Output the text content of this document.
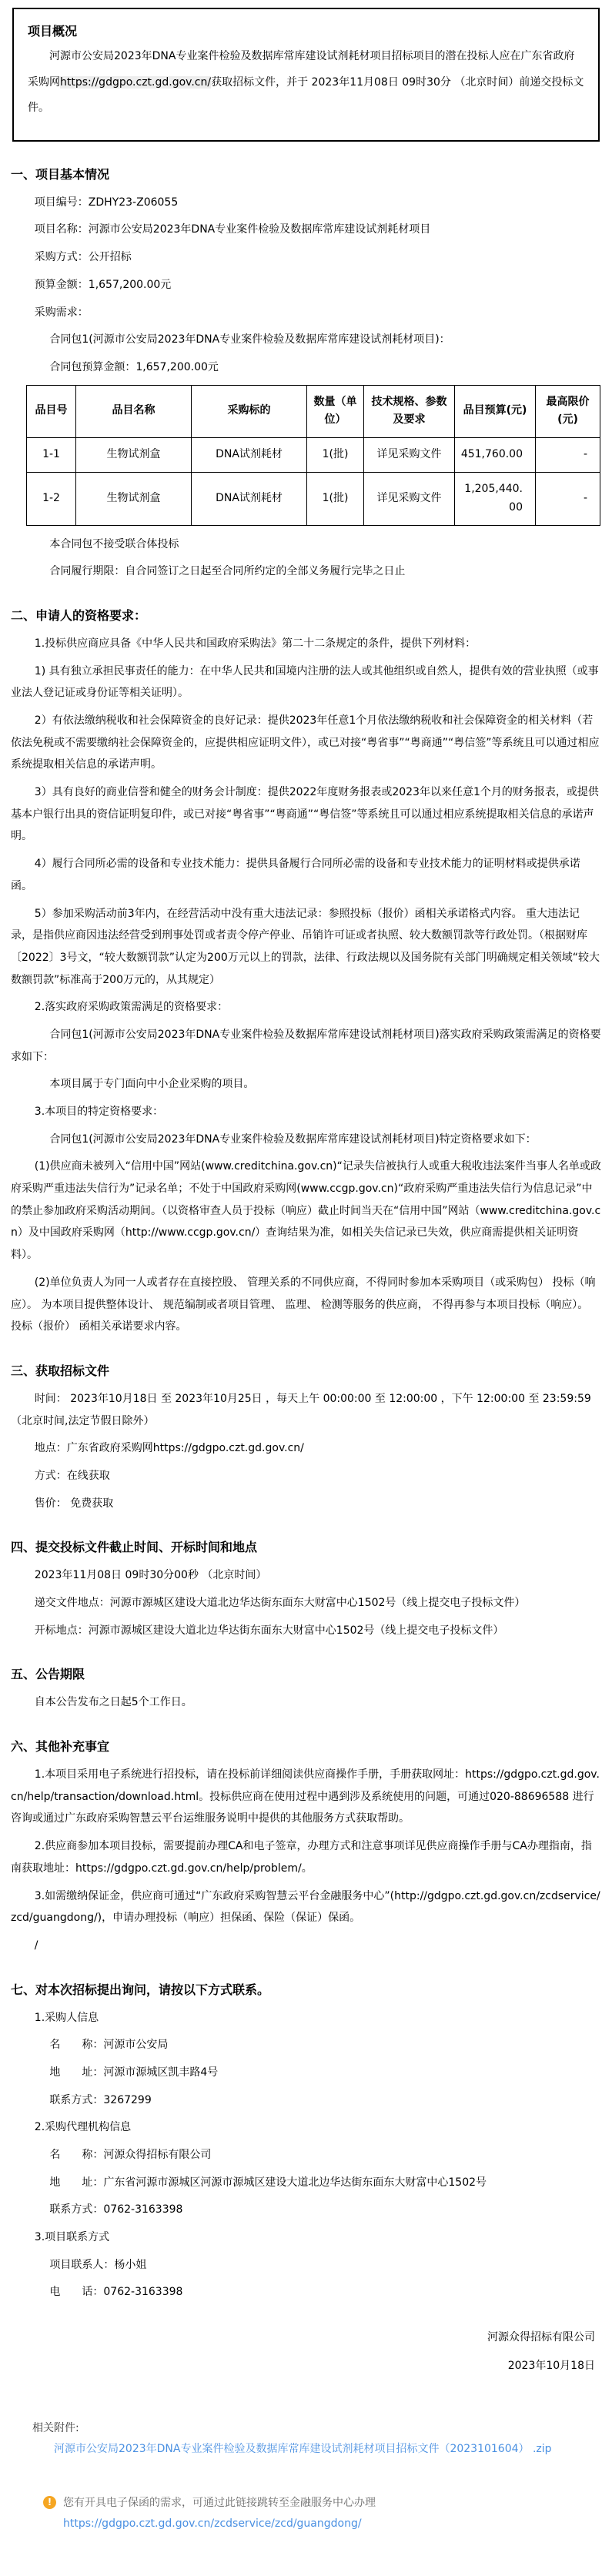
项目概况

河源市公安局2023年DNA专业案件检验及数据库常库建设试剂耗材项目招标项目的潜在投标人应在广东省政府采购网https://gdgpo.czt.gd.gov.cn/获取招标文件，并于 2023年11月08日 09时30分 （北京时间）前递交投标文件。

一、项目基本情况

项目编号：ZDHY23-Z06055

项目名称：河源市公安局2023年DNA专业案件检验及数据库常库建设试剂耗材项目

采购方式：公开招标

预算金额：1,657,200.00元

采购需求：

合同包1(河源市公安局2023年DNA专业案件检验及数据库常库建设试剂耗材项目)：

合同包预算金额：1,657,200.00元

品目号	品目名称	采购标的	数量（单位）	技术规格、参数及要求	品目预算(元)	最高限价(元)
1-1	生物试剂盒	DNA试剂耗材	1(批)	详见采购文件	451,760.00	-
1-2	生物试剂盒	DNA试剂耗材	1(批)	详见采购文件	1,205,440.00	-

本合同包不接受联合体投标

合同履行期限：自合同签订之日起至合同所约定的全部义务履行完毕之日止

二、申请人的资格要求：

1.投标供应商应具备《中华人民共和国政府采购法》第二十二条规定的条件，提供下列材料：

1) 具有独立承担民事责任的能力：在中华人民共和国境内注册的法人或其他组织或自然人，提供有效的营业执照（或事业法人登记证或身份证等相关证明）。

2）有依法缴纳税收和社会保障资金的良好记录：提供2023年任意1个月依法缴纳税收和社会保障资金的相关材料（若依法免税或不需要缴纳社会保障资金的，应提供相应证明文件），或已对接“粤省事”“粤商通”“粤信签”等系统且可以通过相应系统提取相关信息的承诺声明。

3）具有良好的商业信誉和健全的财务会计制度：提供2022年度财务报表或2023年以来任意1个月的财务报表，或提供基本户银行出具的资信证明复印件，或已对接“粤省事”“粤商通”“粤信签”等系统且可以通过相应系统提取相关信息的承诺声明。

4）履行合同所必需的设备和专业技术能力：提供具备履行合同所必需的设备和专业技术能力的证明材料或提供承诺函。

5）参加采购活动前3年内，在经营活动中没有重大违法记录：参照投标（报价）函相关承诺格式内容。 重大违法记录，是指供应商因违法经营受到刑事处罚或者责令停产停业、吊销许可证或者执照、较大数额罚款等行政处罚。（根据财库〔2022〕3号文，“较大数额罚款”认定为200万元以上的罚款，法律、行政法规以及国务院有关部门明确规定相关领域“较大数额罚款”标准高于200万元的，从其规定）

2.落实政府采购政策需满足的资格要求：

合同包1(河源市公安局2023年DNA专业案件检验及数据库常库建设试剂耗材项目)落实政府采购政策需满足的资格要求如下：

本项目属于专门面向中小企业采购的项目。

3.本项目的特定资格要求：

合同包1(河源市公安局2023年DNA专业案件检验及数据库常库建设试剂耗材项目)特定资格要求如下：

(1)供应商未被列入“信用中国”网站(www.creditchina.gov.cn)“记录失信被执行人或重大税收违法案件当事人名单或政府采购严重违法失信行为”记录名单；不处于中国政府采购网(www.ccgp.gov.cn)“政府采购严重违法失信行为信息记录”中的禁止参加政府采购活动期间。（以资格审查人员于投标（响应）截止时间当天在“信用中国”网站（www.creditchina.gov.cn）及中国政府采购网（http://www.ccgp.gov.cn/）查询结果为准，如相关失信记录已失效，供应商需提供相关证明资料）。

(2)单位负责人为同一人或者存在直接控股、 管理关系的不同供应商，不得同时参加本采购项目（或采购包） 投标（响应）。 为本项目提供整体设计、 规范编制或者项目管理、 监理、 检测等服务的供应商， 不得再参与本项目投标（响应）。 投标（报价） 函相关承诺要求内容。

三、获取招标文件

时间： 2023年10月18日 至 2023年10月25日 ，每天上午 00:00:00 至 12:00:00 ，下午 12:00:00 至 23:59:59（北京时间,法定节假日除外）

地点：广东省政府采购网https://gdgpo.czt.gd.gov.cn/

方式：在线获取

售价： 免费获取

四、提交投标文件截止时间、开标时间和地点

2023年11月08日 09时30分00秒 （北京时间）

递交文件地点：河源市源城区建设大道北边华达街东面东大财富中心1502号（线上提交电子投标文件）

开标地点：河源市源城区建设大道北边华达街东面东大财富中心1502号（线上提交电子投标文件）

五、公告期限

自本公告发布之日起5个工作日。

六、其他补充事宜

1.本项目采用电子系统进行招投标，请在投标前详细阅读供应商操作手册，手册获取网址：https://gdgpo.czt.gd.gov.cn/help/transaction/download.html。投标供应商在使用过程中遇到涉及系统使用的问题，可通过020-88696588 进行咨询或通过广东政府采购智慧云平台运维服务说明中提供的其他服务方式获取帮助。

2.供应商参加本项目投标，需要提前办理CA和电子签章，办理方式和注意事项详见供应商操作手册与CA办理指南，指南获取地址：https://gdgpo.czt.gd.gov.cn/help/problem/。

3.如需缴纳保证金，供应商可通过“广东政府采购智慧云平台金融服务中心”(http://gdgpo.czt.gd.gov.cn/zcdservice/zcd/guangdong/)，申请办理投标（响应）担保函、保险（保证）保函。

/

七、对本次招标提出询问，请按以下方式联系。

1.采购人信息

名　　称：河源市公安局

地　　址：河源市源城区凯丰路4号

联系方式：3267299

2.采购代理机构信息

名　　称：河源众得招标有限公司

地　　址：广东省河源市源城区河源市源城区建设大道北边华达街东面东大财富中心1502号

联系方式：0762-3163398

3.项目联系方式

项目联系人：杨小姐

电　　话：0762-3163398

河源众得招标有限公司
2023年10月18日

相关附件:

河源市公安局2023年DNA专业案件检验及数据库常库建设试剂耗材项目招标文件（2023101604） .zip
!	您有开具电子保函的需求，可通过此链接跳转至金融服务中心办理
https://gdgpo.czt.gd.gov.cn/zcdservice/zcd/guangdong/
